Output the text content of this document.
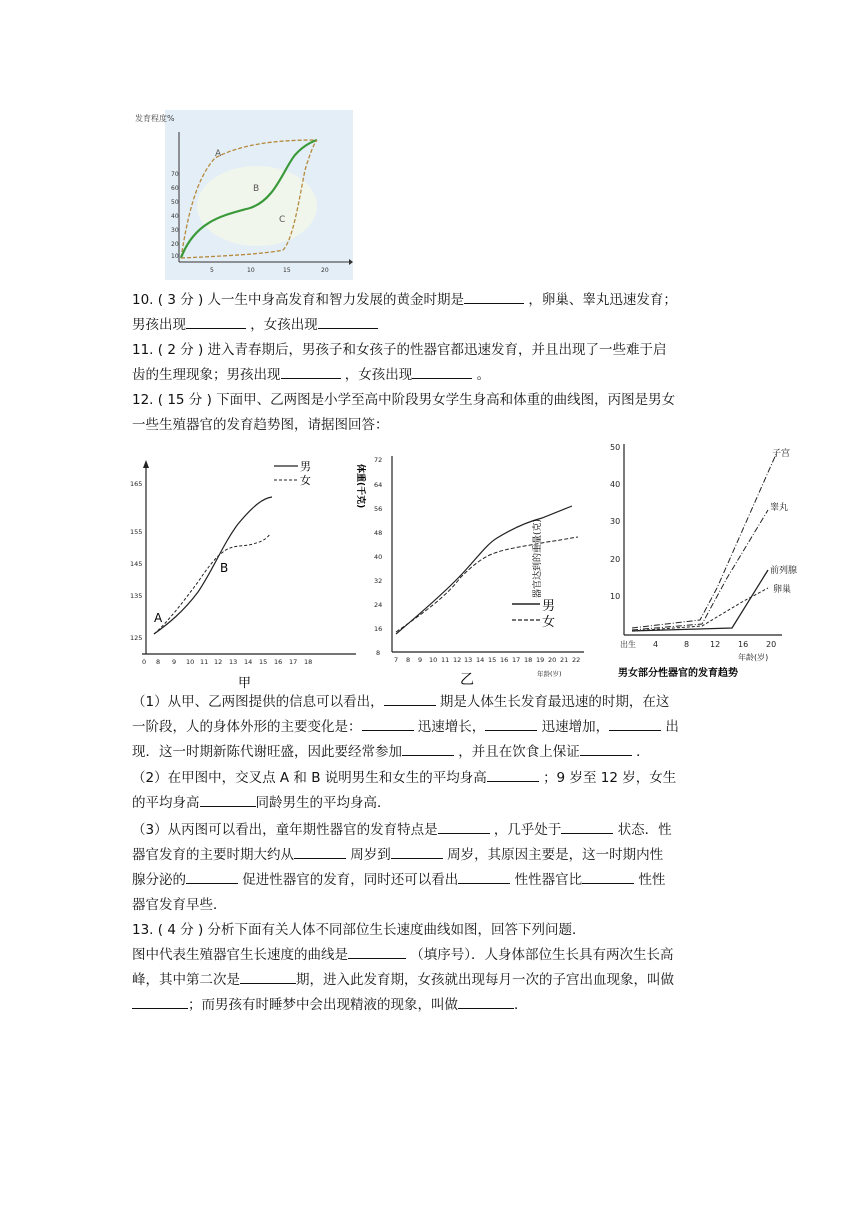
发育程度%
70
60
50
40
30
20
10
5	10	15	20
A
B
C
10. ( 3 分 ) 人一生中身高发育和智力发展的黄金时期是	，卵巢、睾丸迅速发育；
男孩出现	，女孩出现
11. ( 2 分 ) 进入青春期后，男孩子和女孩子的性器官都迅速发育，并且出现了一些难于启
齿的生理现象；男孩出现	，女孩出现	。
12. ( 15 分 ) 下面甲、乙两图是小学至高中阶段男女学生身高和体重的曲线图，丙图是男女
一些生殖器官的发育趋势图，请据图回答：
165
155
145
135
125
0 8 9 10 11 12 13 14 15 16 17 18
男
女
A
B
甲
体重(千克)
72
64
56
48
40
32
24
16
8
7 8 9 10 11 12 13 14 15 16 17 18 19 20 21 22
年龄(岁)
男
女
乙
器官达到的重量(克)
50
40
30
20
10
出生 4	8	12 16 20
年龄(岁)
子宫
睾丸
前列腺
卵巢
男女部分性器官的发育趋势
（1）从甲、乙两图提供的信息可以看出，	期是人体生长发育最迅速的时期，在这
一阶段，人的身体外形的主要变化是：	迅速增长，	迅速增加，	出
现．这一时期新陈代谢旺盛，因此要经常参加	，并且在饮食上保证	．
（2）在甲图中，交叉点 A 和 B 说明男生和女生的平均身高	；9 岁至 12 岁，女生
的平均身高	同龄男生的平均身高．
（3）从丙图可以看出，童年期性器官的发育特点是	，几乎处于	状态．性
器官发育的主要时期大约从	周岁到	周岁，其原因主要是，这一时期内性
腺分泌的	促进性器官的发育，同时还可以看出	性性器官比	性性
器官发育早些．
13. ( 4 分 ) 分析下面有关人体不同部位生长速度曲线如图，回答下列问题．
图中代表生殖器官生长速度的曲线是	（填序号）．人身体部位生长具有两次生长高
峰，其中第二次是	期，进入此发育期，女孩就出现每月一次的子宫出血现象，叫做
；而男孩有时睡梦中会出现精液的现象，叫做	．
